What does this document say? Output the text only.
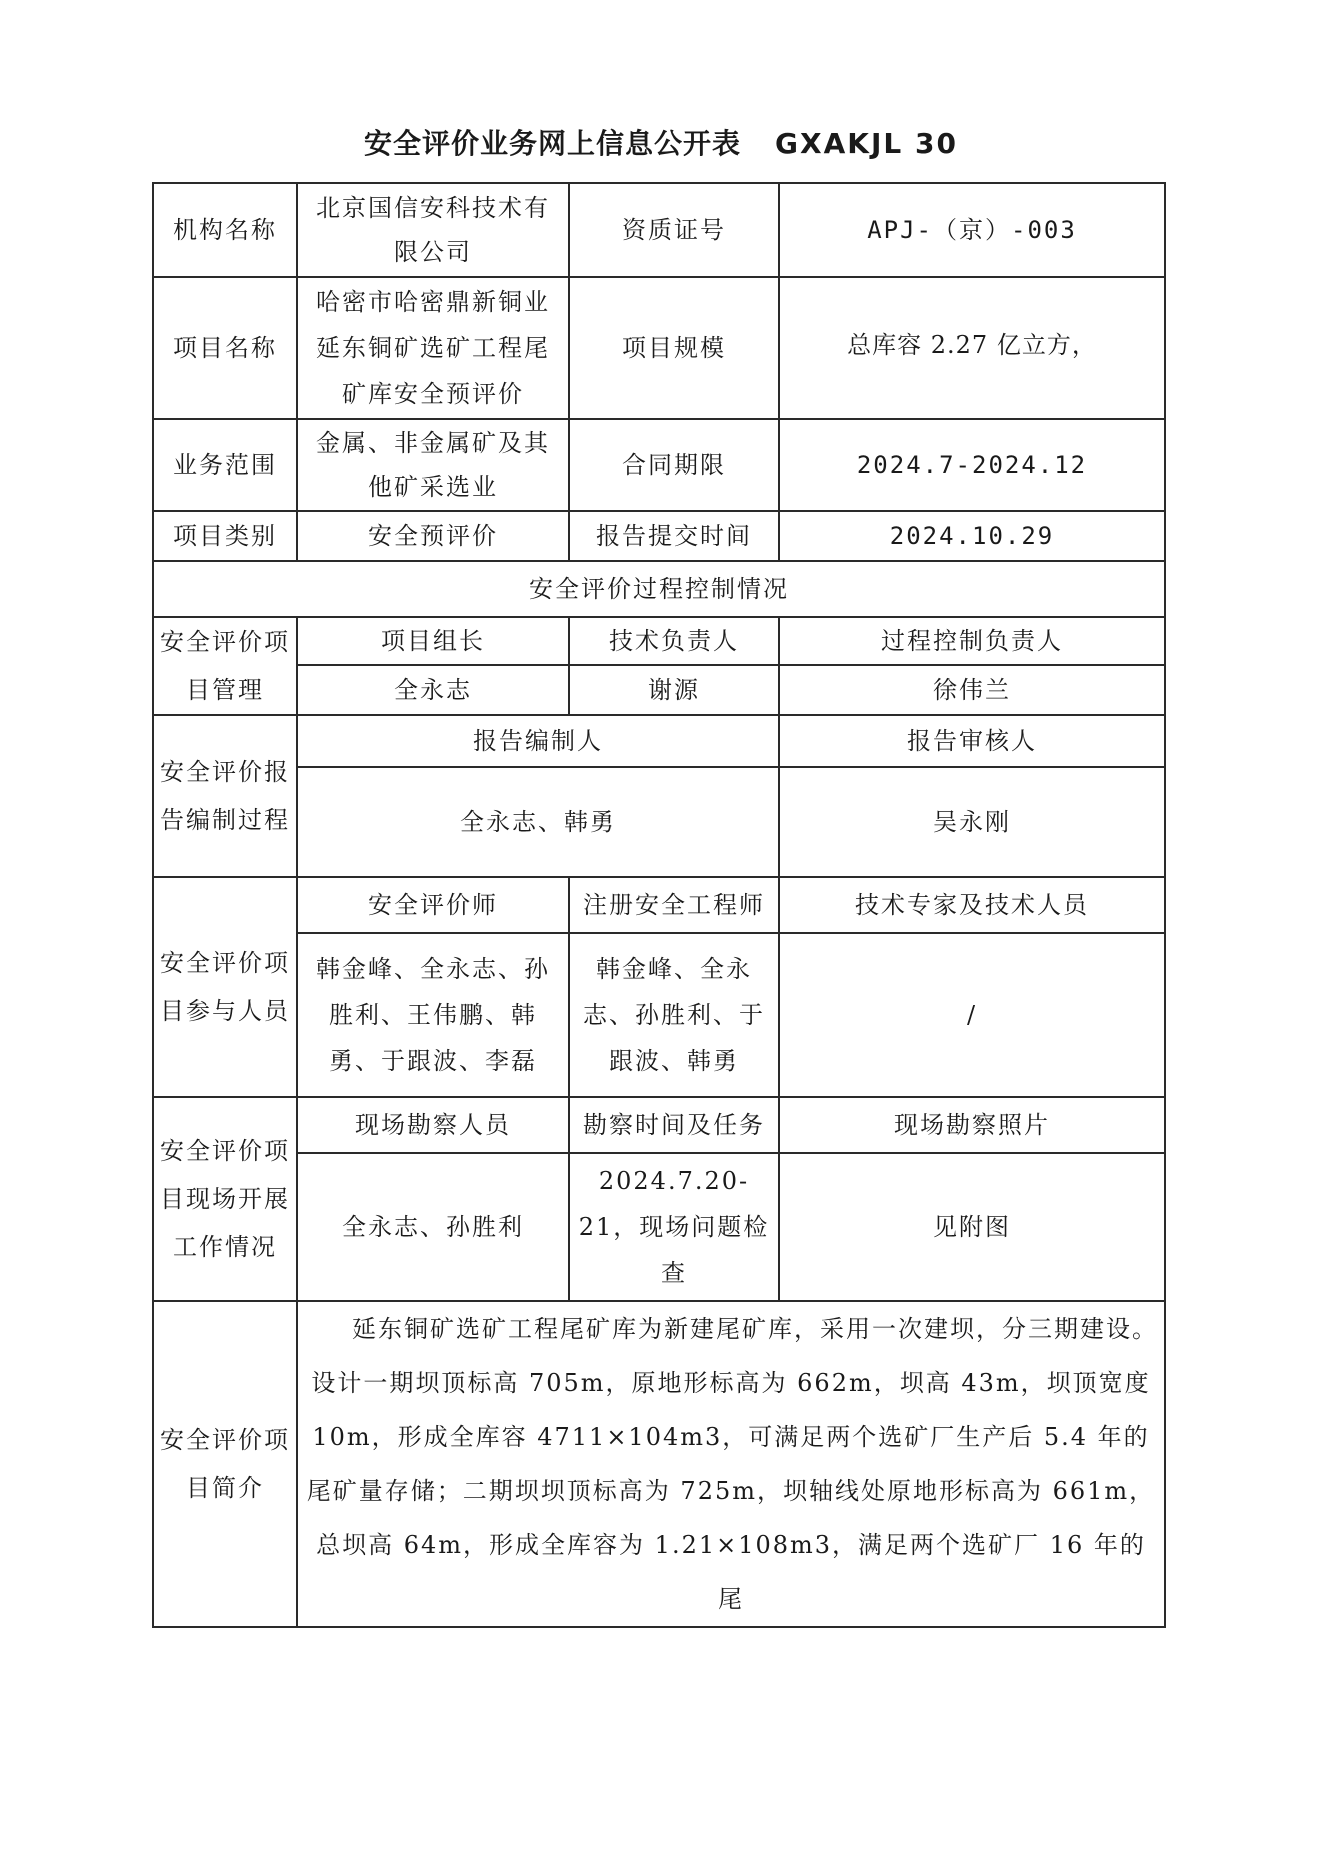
安全评价业务网上信息公开表 GXAKJL 30
机构名称	北京国信安科技术有限公司	资质证号	APJ-（京）-003
项目名称	哈密市哈密鼎新铜业延东铜矿选矿工程尾矿库安全预评价	项目规模	总库容 2.27 亿立方，
业务范围	金属、非金属矿及其他矿采选业	合同期限	2024.7-2024.12
项目类别	安全预评价	报告提交时间	2024.10.29
安全评价过程控制情况			
安全评价项目管理	项目组长	技术负责人	过程控制负责人
	全永志	谢源	徐伟兰
安全评价报告编制过程	报告编制人		报告审核人
	全永志、韩勇		吴永刚
安全评价项目参与人员	安全评价师	注册安全工程师	技术专家及技术人员
	韩金峰、全永志、孙胜利、王伟鹏、韩勇、于跟波、李磊	韩金峰、全永志、孙胜利、于跟波、韩勇	/
安全评价项目现场开展工作情况	现场勘察人员	勘察时间及任务	现场勘察照片
	全永志、孙胜利	2024.7.20-21，现场问题检查	见附图
安全评价项目简介	延东铜矿选矿工程尾矿库为新建尾矿库，采用一次建坝，分三期建设。设计一期坝顶标高 705m，原地形标高为 662m，坝高 43m，坝顶宽度 10m，形成全库容 4711×104m3，可满足两个选矿厂生产后 5.4 年的尾矿量存储；二期坝坝顶标高为 725m，坝轴线处原地形标高为 661m，总坝高 64m，形成全库容为 1.21×108m3，满足两个选矿厂 16 年的尾		
